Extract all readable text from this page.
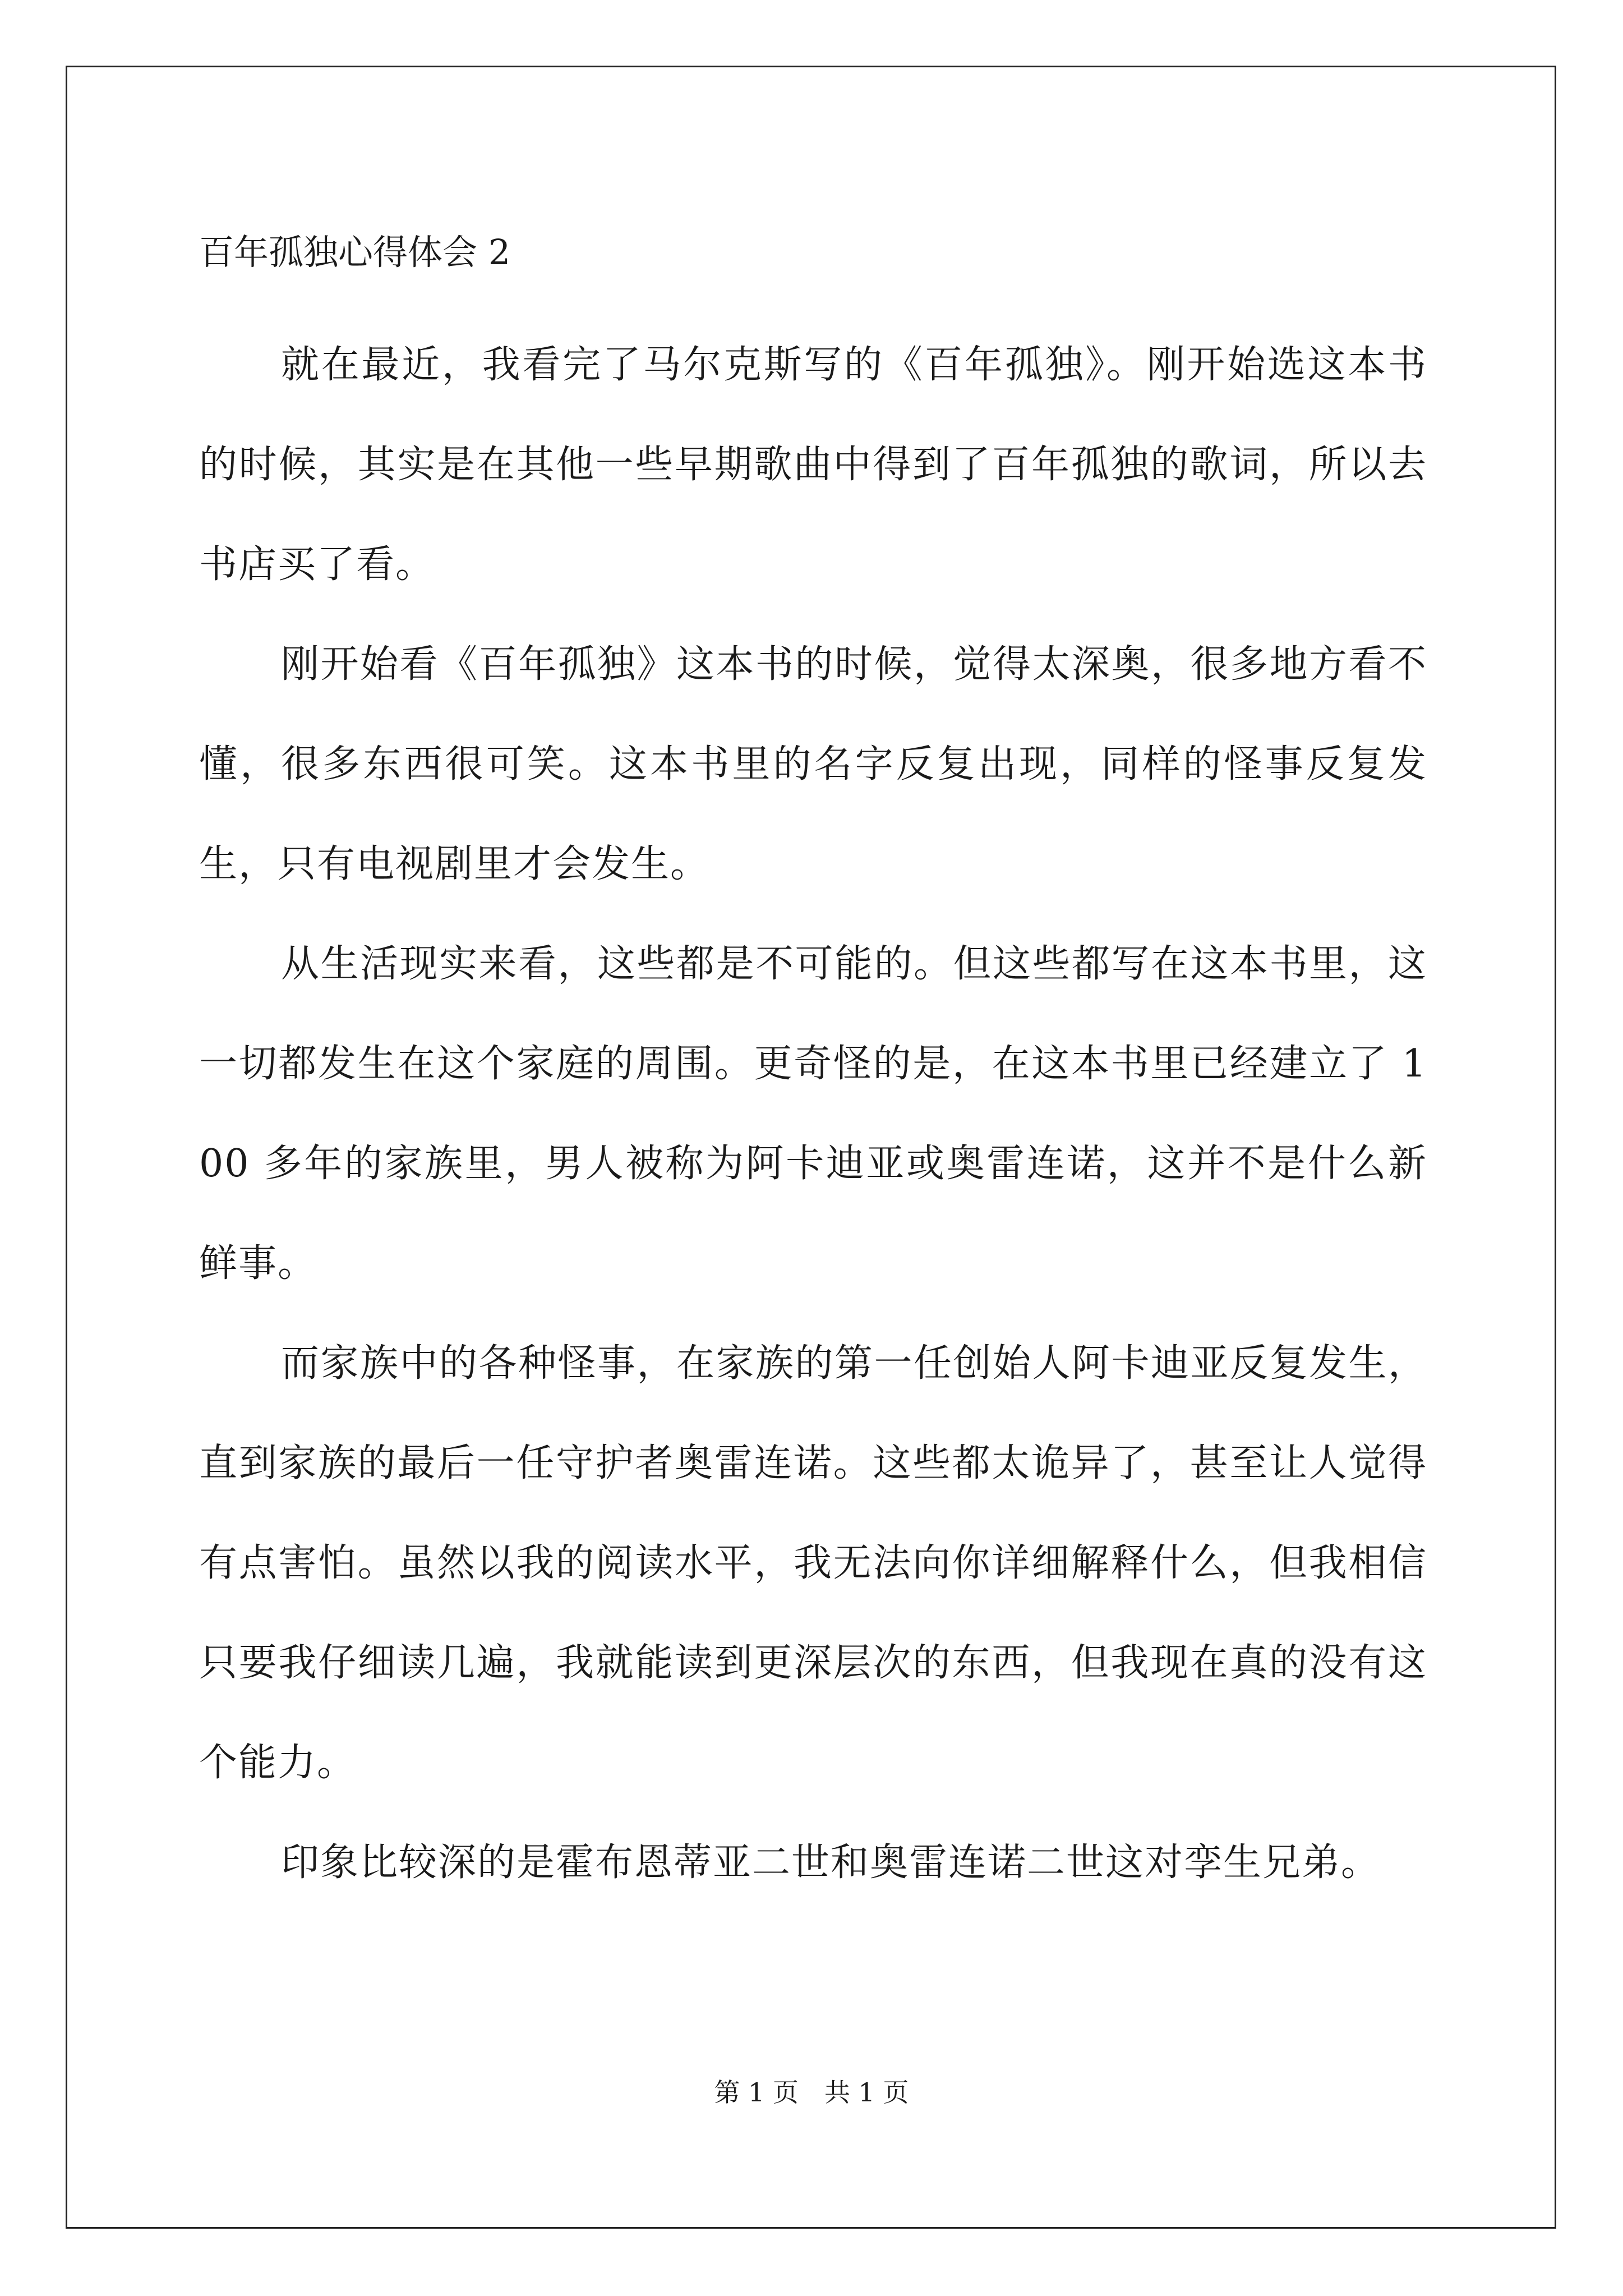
百年孤独心得体会 2

就在最近，我看完了马尔克斯写的《百年孤独》。刚开始选这本书的时候，其实是在其他一些早期歌曲中得到了百年孤独的歌词，所以去书店买了看。

刚开始看《百年孤独》这本书的时候，觉得太深奥，很多地方看不懂，很多东西很可笑。这本书里的名字反复出现，同样的怪事反复发生，只有电视剧里才会发生。

从生活现实来看，这些都是不可能的。但这些都写在这本书里，这一切都发生在这个家庭的周围。更奇怪的是，在这本书里已经建立了 100 多年的家族里，男人被称为阿卡迪亚或奥雷连诺，这并不是什么新鲜事。

而家族中的各种怪事，在家族的第一任创始人阿卡迪亚反复发生，直到家族的最后一任守护者奥雷连诺。这些都太诡异了，甚至让人觉得有点害怕。虽然以我的阅读水平，我无法向你详细解释什么，但我相信只要我仔细读几遍，我就能读到更深层次的东西，但我现在真的没有这个能力。

印象比较深的是霍布恩蒂亚二世和奥雷连诺二世这对孪生兄弟。

第 1 页　共 1 页
